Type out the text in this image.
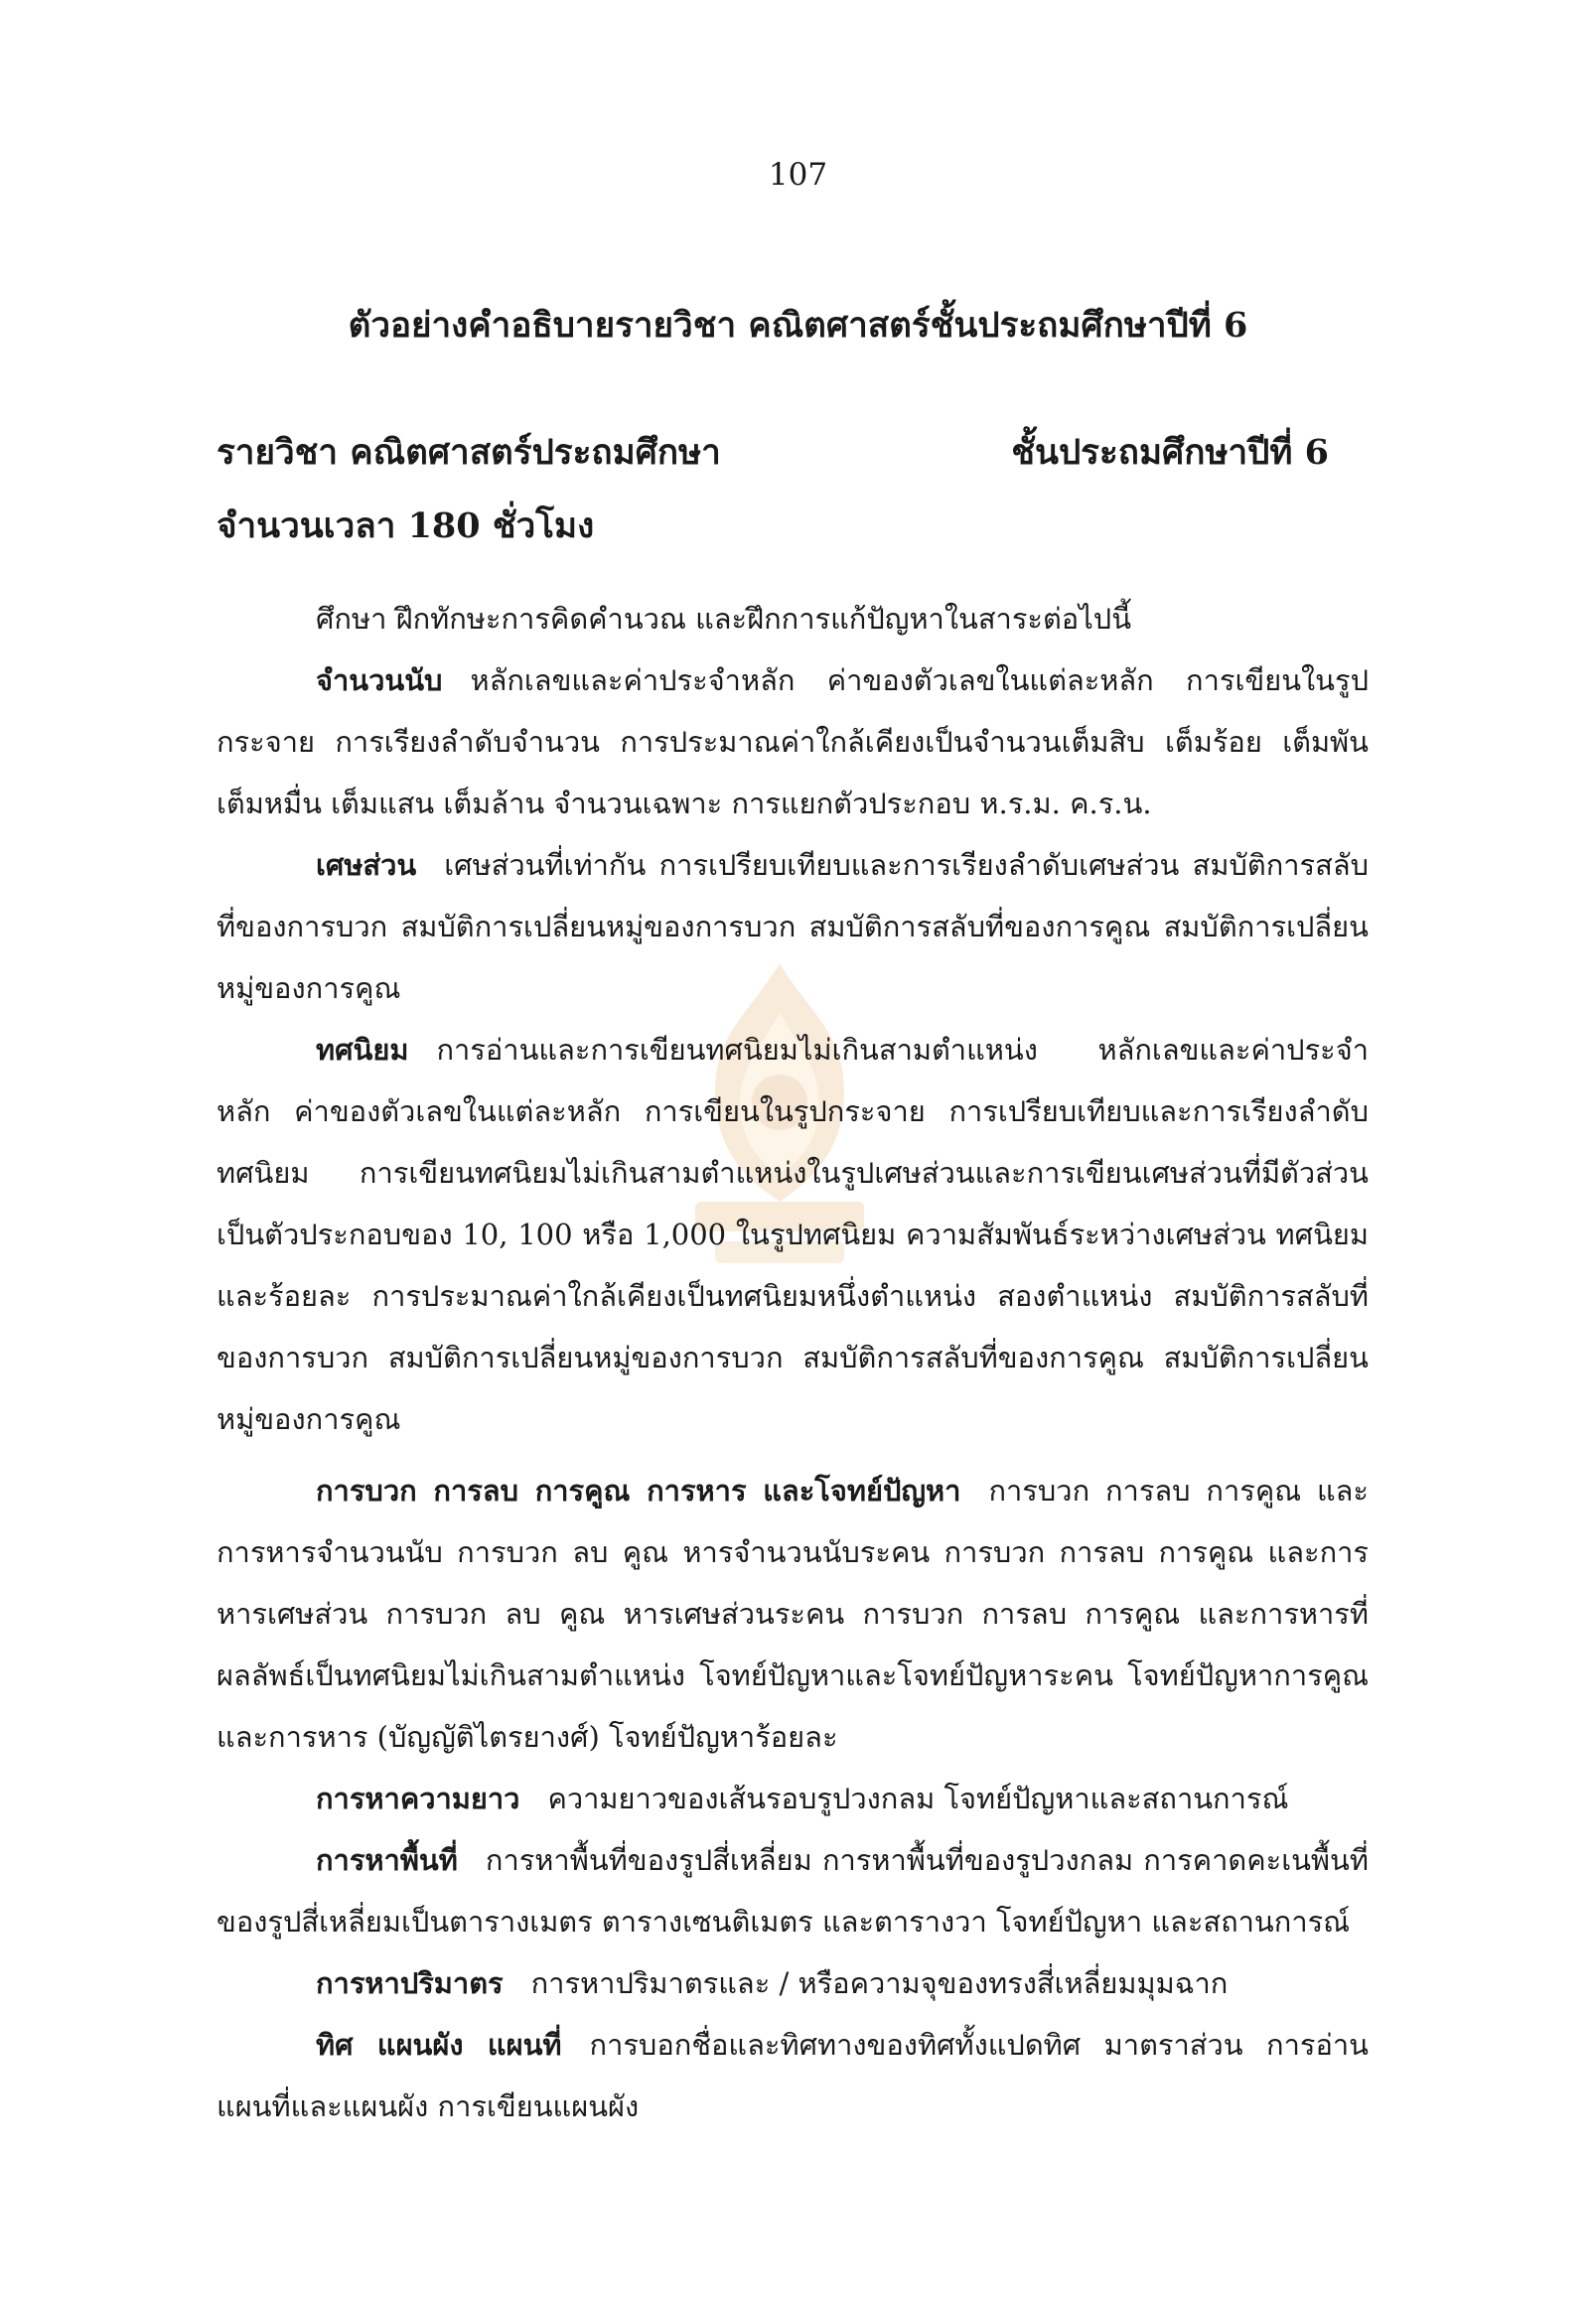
107
ตัวอย่างคำอธิบายรายวิชา คณิตศาสตร์ชั้นประถมศึกษาปีที่ 6
รายวิชา คณิตศาสตร์ประถมศึกษา	ชั้นประถมศึกษาปีที่ 6
จำนวนเวลา 180 ชั่วโมง

ศึกษา ฝึกทักษะการคิดคำนวณ และฝึกการแก้ปัญหาในสาระต่อไปนี้

จำนวนนับ หลักเลขและค่าประจำหลัก ค่าของตัวเลขในแต่ละหลัก การเขียนในรูปกระจาย การเรียงลำดับจำนวน การประมาณค่าใกล้เคียงเป็นจำนวนเต็มสิบ เต็มร้อย เต็มพัน เต็มหมื่น เต็มแสน เต็มล้าน จำนวนเฉพาะ การแยกตัวประกอบ ห.ร.ม. ค.ร.น.

เศษส่วน เศษส่วนที่เท่ากัน การเปรียบเทียบและการเรียงลำดับเศษส่วน สมบัติการสลับที่ของการบวก สมบัติการเปลี่ยนหมู่ของการบวก สมบัติการสลับที่ของการคูณ สมบัติการเปลี่ยนหมู่ของการคูณ

ทศนิยม การอ่านและการเขียนทศนิยมไม่เกินสามตำแหน่ง หลักเลขและค่าประจำหลัก ค่าของตัวเลขในแต่ละหลัก การเขียนในรูปกระจาย การเปรียบเทียบและการเรียงลำดับทศนิยม การเขียนทศนิยมไม่เกินสามตำแหน่งในรูปเศษส่วนและการเขียนเศษส่วนที่มีตัวส่วน เป็นตัวประกอบของ 10, 100 หรือ 1,000 ในรูปทศนิยม ความสัมพันธ์ระหว่างเศษส่วน ทศนิยม และร้อยละ การประมาณค่าใกล้เคียงเป็นทศนิยมหนึ่งตำแหน่ง สองตำแหน่ง สมบัติการสลับที่ของการบวก สมบัติการเปลี่ยนหมู่ของการบวก สมบัติการสลับที่ของการคูณ สมบัติการเปลี่ยนหมู่ของการคูณ

การบวก การลบ การคูณ การหาร และโจทย์ปัญหา การบวก การลบ การคูณ และการหารจำนวนนับ การบวก ลบ คูณ หารจำนวนนับระคน การบวก การลบ การคูณ และการหารเศษส่วน การบวก ลบ คูณ หารเศษส่วนระคน การบวก การลบ การคูณ และการหารที่ผลลัพธ์เป็นทศนิยมไม่เกินสามตำแหน่ง โจทย์ปัญหาและโจทย์ปัญหาระคน โจทย์ปัญหาการคูณและการหาร (บัญญัติไตรยางศ์) โจทย์ปัญหาร้อยละ

การหาความยาว ความยาวของเส้นรอบรูปวงกลม โจทย์ปัญหาและสถานการณ์

การหาพื้นที่ การหาพื้นที่ของรูปสี่เหลี่ยม การหาพื้นที่ของรูปวงกลม การคาดคะเนพื้นที่ของรูปสี่เหลี่ยมเป็นตารางเมตร ตารางเซนติเมตร และตารางวา โจทย์ปัญหา และสถานการณ์

การหาปริมาตร การหาปริมาตรและ / หรือความจุของทรงสี่เหลี่ยมมุมฉาก

ทิศ แผนผัง แผนที่ การบอกชื่อและทิศทางของทิศทั้งแปดทิศ มาตราส่วน การอ่านแผนที่และแผนผัง การเขียนแผนผัง
